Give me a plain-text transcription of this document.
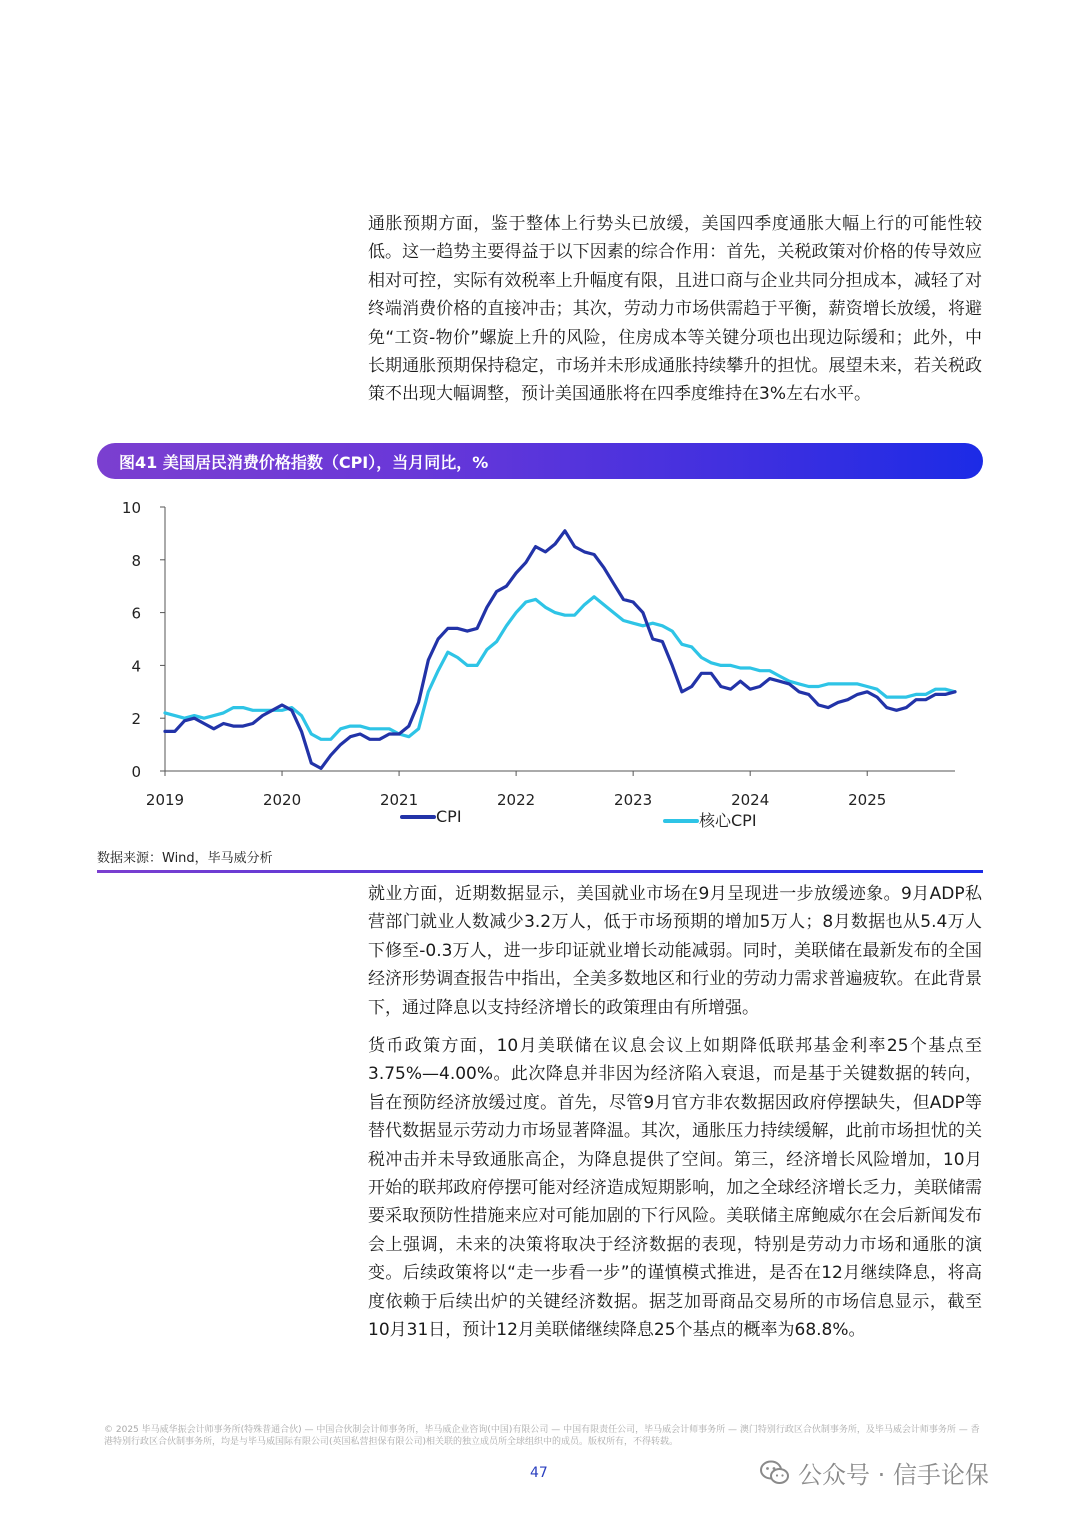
通胀预期方面，鉴于整体上行势头已放缓，美国四季度通胀大幅上行的可能性较低。这一趋势主要得益于以下因素的综合作用：首先，关税政策对价格的传导效应相对可控，实际有效税率上升幅度有限，且进口商与企业共同分担成本，减轻了对终端消费价格的直接冲击；其次，劳动力市场供需趋于平衡，薪资增长放缓，将避免“工资-物价”螺旋上升的风险，住房成本等关键分项也出现边际缓和；此外，中长期通胀预期保持稳定，市场并未形成通胀持续攀升的担忧。展望未来，若关税政策不出现大幅调整，预计美国通胀将在四季度维持在3%左右水平。

图41 美国居民消费价格指数（CPI），当月同比，%
0
2
4
6
8
10
2019	2020	2021	2022	2023	2024	2025
CPI	核心CPI
数据来源：Wind，毕马威分析

就业方面，近期数据显示，美国就业市场在9月呈现进一步放缓迹象。9月ADP私营部门就业人数减少3.2万人，低于市场预期的增加5万人；8月数据也从5.4万人下修至-0.3万人，进一步印证就业增长动能减弱。同时，美联储在最新发布的全国经济形势调查报告中指出，全美多数地区和行业的劳动力需求普遍疲软。在此背景下，通过降息以支持经济增长的政策理由有所增强。

货币政策方面，10月美联储在议息会议上如期降低联邦基金利率25个基点至3.75%—4.00%。此次降息并非因为经济陷入衰退，而是基于关键数据的转向，旨在预防经济放缓过度。首先，尽管9月官方非农数据因政府停摆缺失，但ADP等替代数据显示劳动力市场显著降温。其次，通胀压力持续缓解，此前市场担忧的关税冲击并未导致通胀高企，为降息提供了空间。第三，经济增长风险增加，10月开始的联邦政府停摆可能对经济造成短期影响，加之全球经济增长乏力，美联储需要采取预防性措施来应对可能加剧的下行风险。美联储主席鲍威尔在会后新闻发布会上强调，未来的决策将取决于经济数据的表现，特别是劳动力市场和通胀的演变。后续政策将以“走一步看一步”的谨慎模式推进，是否在12月继续降息，将高度依赖于后续出炉的关键经济数据。据芝加哥商品交易所的市场信息显示，截至10月31日，预计12月美联储继续降息25个基点的概率为68.8%。

© 2025 毕马威华振会计师事务所(特殊普通合伙) — 中国合伙制会计师事务所，毕马威企业咨询(中国)有限公司 — 中国有限责任公司，毕马威会计师事务所 — 澳门特别行政区合伙制事务所，及毕马威会计师事务所 — 香港特别行政区合伙制事务所，均是与毕马威国际有限公司(英国私营担保有限公司)相关联的独立成员所全球组织中的成员。版权所有，不得转载。
47	公众号 · 信手论保
